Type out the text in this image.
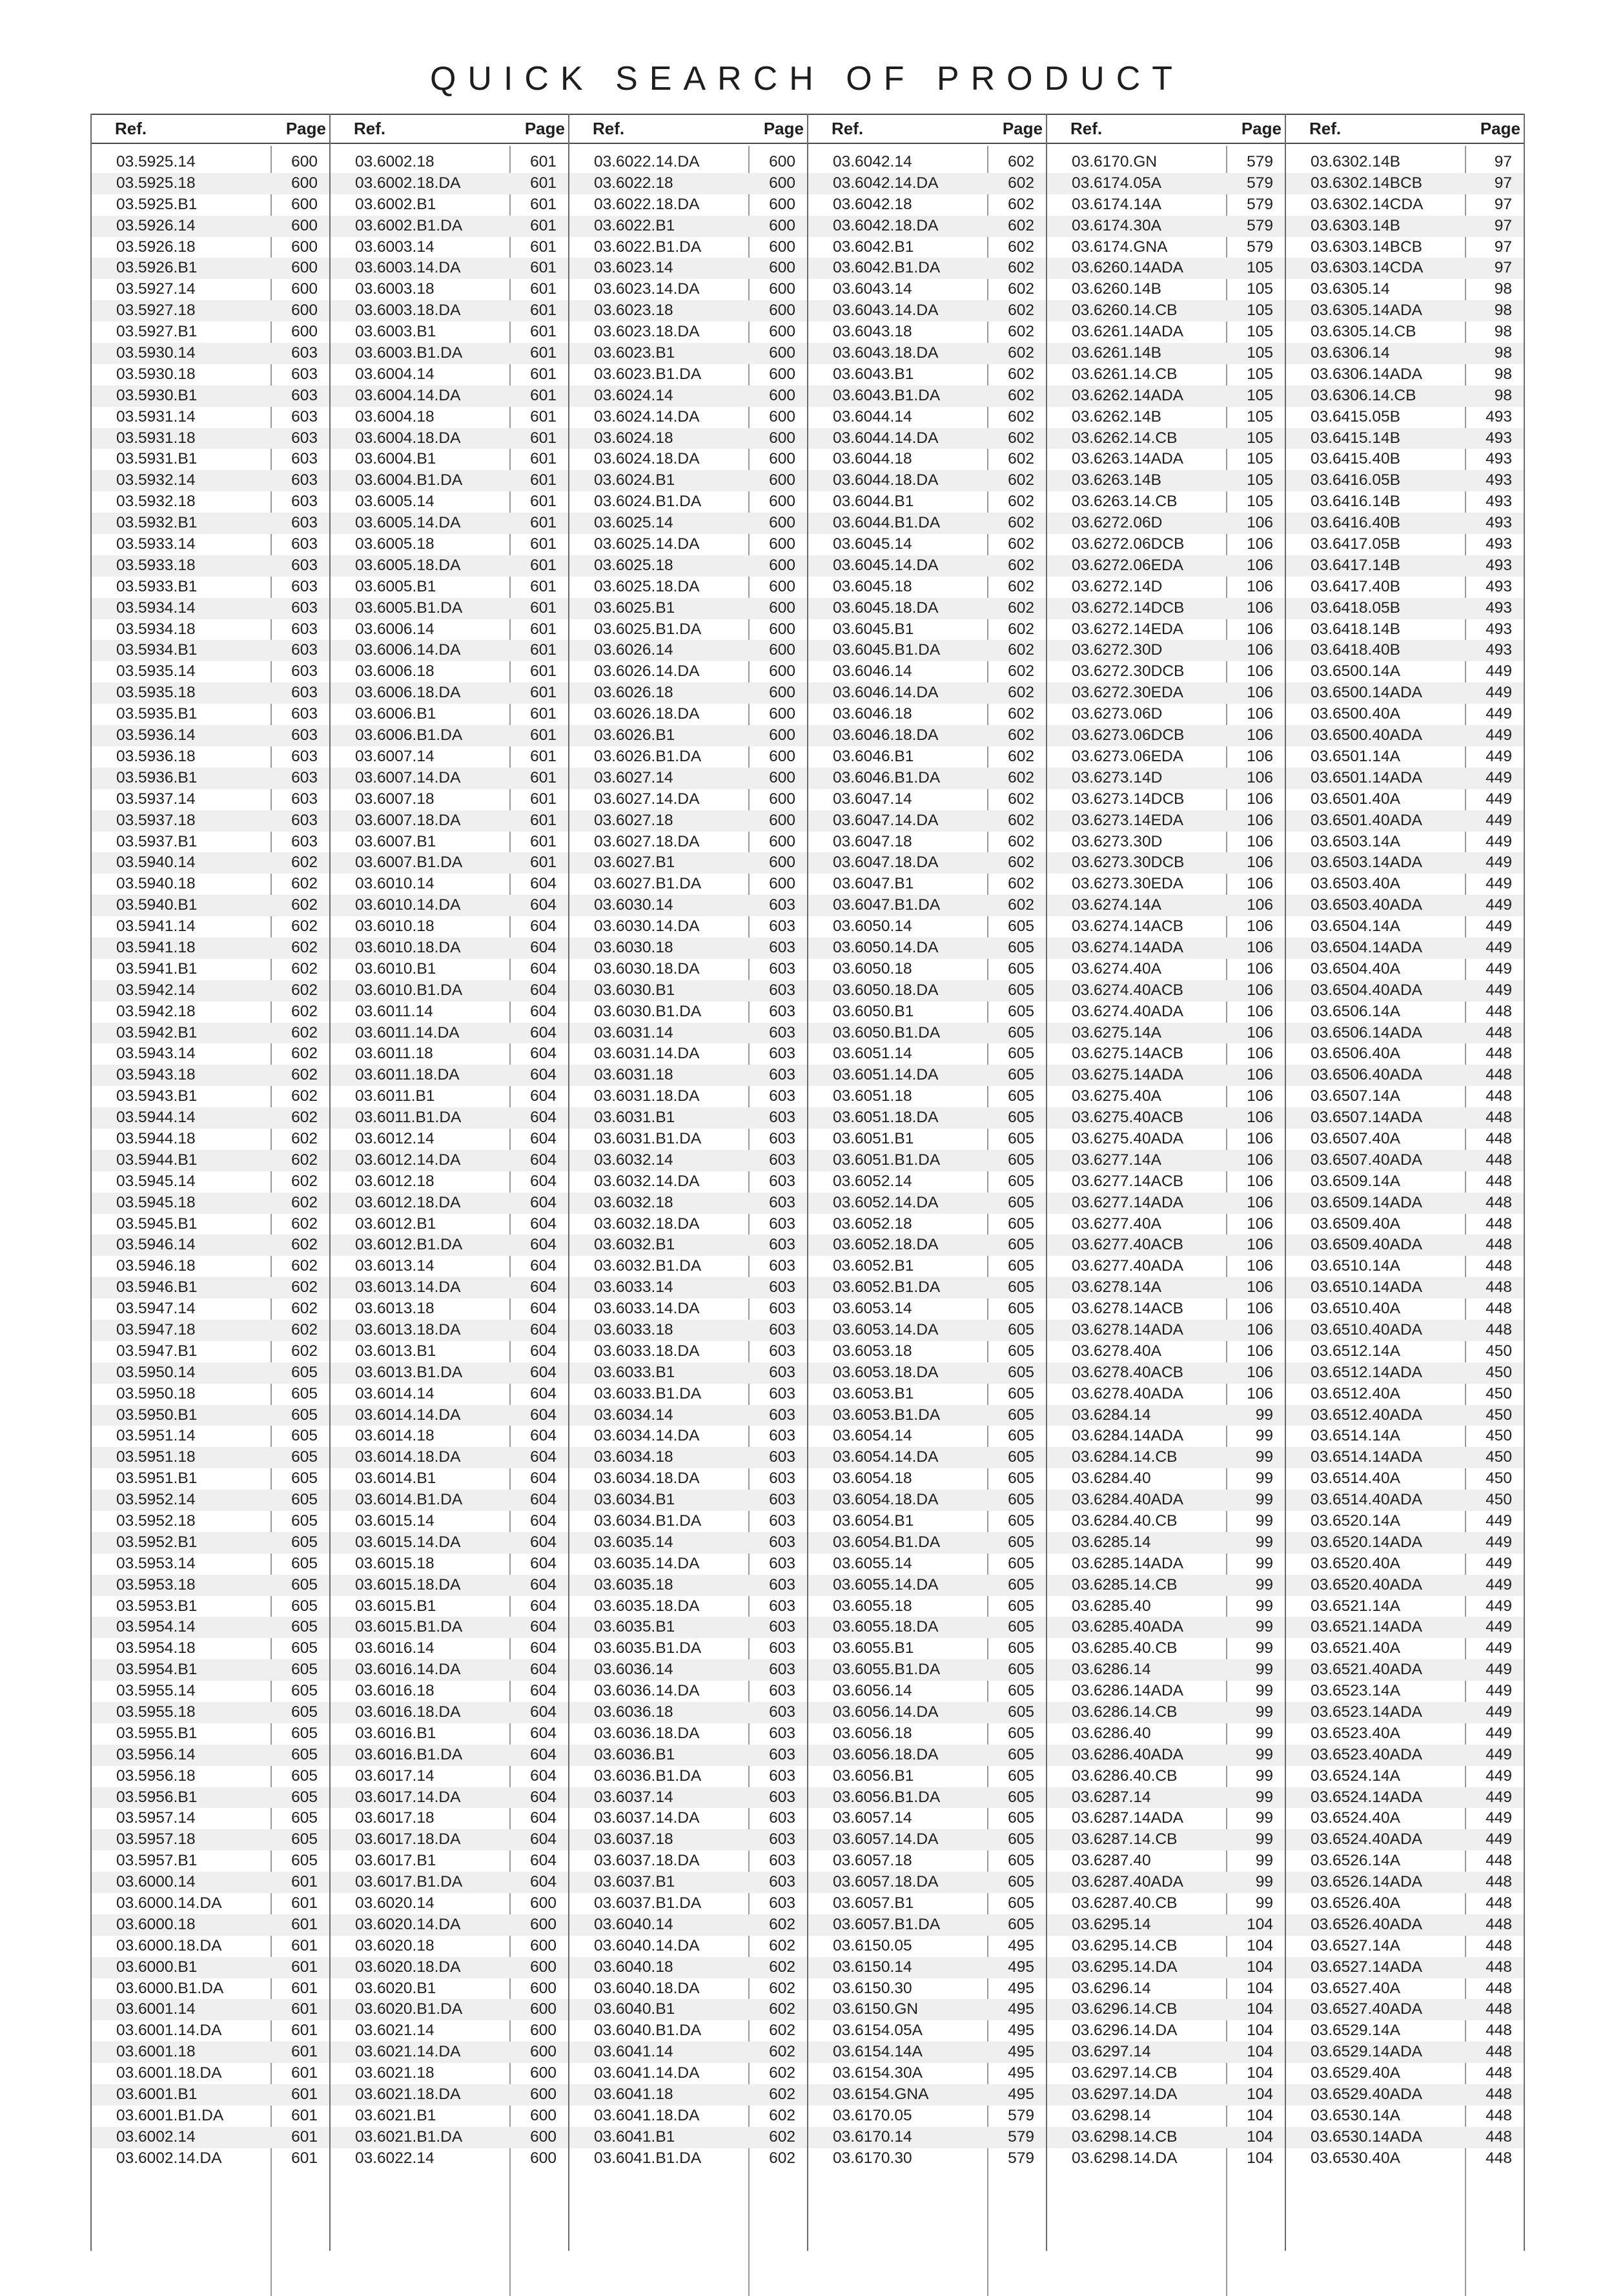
QUICK SEARCH OF PRODUCT
Ref.	Page
03.5925.14	600
03.5925.18	600
03.5925.B1	600
03.5926.14	600
03.5926.18	600
03.5926.B1	600
03.5927.14	600
03.5927.18	600
03.5927.B1	600
03.5930.14	603
03.5930.18	603
03.5930.B1	603
03.5931.14	603
03.5931.18	603
03.5931.B1	603
03.5932.14	603
03.5932.18	603
03.5932.B1	603
03.5933.14	603
03.5933.18	603
03.5933.B1	603
03.5934.14	603
03.5934.18	603
03.5934.B1	603
03.5935.14	603
03.5935.18	603
03.5935.B1	603
03.5936.14	603
03.5936.18	603
03.5936.B1	603
03.5937.14	603
03.5937.18	603
03.5937.B1	603
03.5940.14	602
03.5940.18	602
03.5940.B1	602
03.5941.14	602
03.5941.18	602
03.5941.B1	602
03.5942.14	602
03.5942.18	602
03.5942.B1	602
03.5943.14	602
03.5943.18	602
03.5943.B1	602
03.5944.14	602
03.5944.18	602
03.5944.B1	602
03.5945.14	602
03.5945.18	602
03.5945.B1	602
03.5946.14	602
03.5946.18	602
03.5946.B1	602
03.5947.14	602
03.5947.18	602
03.5947.B1	602
03.5950.14	605
03.5950.18	605
03.5950.B1	605
03.5951.14	605
03.5951.18	605
03.5951.B1	605
03.5952.14	605
03.5952.18	605
03.5952.B1	605
03.5953.14	605
03.5953.18	605
03.5953.B1	605
03.5954.14	605
03.5954.18	605
03.5954.B1	605
03.5955.14	605
03.5955.18	605
03.5955.B1	605
03.5956.14	605
03.5956.18	605
03.5956.B1	605
03.5957.14	605
03.5957.18	605
03.5957.B1	605
03.6000.14	601
03.6000.14.DA	601
03.6000.18	601
03.6000.18.DA	601
03.6000.B1	601
03.6000.B1.DA	601
03.6001.14	601
03.6001.14.DA	601
03.6001.18	601
03.6001.18.DA	601
03.6001.B1	601
03.6001.B1.DA	601
03.6002.14	601
03.6002.14.DA	601
Ref.	Page
03.6002.18	601
03.6002.18.DA	601
03.6002.B1	601
03.6002.B1.DA	601
03.6003.14	601
03.6003.14.DA	601
03.6003.18	601
03.6003.18.DA	601
03.6003.B1	601
03.6003.B1.DA	601
03.6004.14	601
03.6004.14.DA	601
03.6004.18	601
03.6004.18.DA	601
03.6004.B1	601
03.6004.B1.DA	601
03.6005.14	601
03.6005.14.DA	601
03.6005.18	601
03.6005.18.DA	601
03.6005.B1	601
03.6005.B1.DA	601
03.6006.14	601
03.6006.14.DA	601
03.6006.18	601
03.6006.18.DA	601
03.6006.B1	601
03.6006.B1.DA	601
03.6007.14	601
03.6007.14.DA	601
03.6007.18	601
03.6007.18.DA	601
03.6007.B1	601
03.6007.B1.DA	601
03.6010.14	604
03.6010.14.DA	604
03.6010.18	604
03.6010.18.DA	604
03.6010.B1	604
03.6010.B1.DA	604
03.6011.14	604
03.6011.14.DA	604
03.6011.18	604
03.6011.18.DA	604
03.6011.B1	604
03.6011.B1.DA	604
03.6012.14	604
03.6012.14.DA	604
03.6012.18	604
03.6012.18.DA	604
03.6012.B1	604
03.6012.B1.DA	604
03.6013.14	604
03.6013.14.DA	604
03.6013.18	604
03.6013.18.DA	604
03.6013.B1	604
03.6013.B1.DA	604
03.6014.14	604
03.6014.14.DA	604
03.6014.18	604
03.6014.18.DA	604
03.6014.B1	604
03.6014.B1.DA	604
03.6015.14	604
03.6015.14.DA	604
03.6015.18	604
03.6015.18.DA	604
03.6015.B1	604
03.6015.B1.DA	604
03.6016.14	604
03.6016.14.DA	604
03.6016.18	604
03.6016.18.DA	604
03.6016.B1	604
03.6016.B1.DA	604
03.6017.14	604
03.6017.14.DA	604
03.6017.18	604
03.6017.18.DA	604
03.6017.B1	604
03.6017.B1.DA	604
03.6020.14	600
03.6020.14.DA	600
03.6020.18	600
03.6020.18.DA	600
03.6020.B1	600
03.6020.B1.DA	600
03.6021.14	600
03.6021.14.DA	600
03.6021.18	600
03.6021.18.DA	600
03.6021.B1	600
03.6021.B1.DA	600
03.6022.14	600
Ref.	Page
03.6022.14.DA	600
03.6022.18	600
03.6022.18.DA	600
03.6022.B1	600
03.6022.B1.DA	600
03.6023.14	600
03.6023.14.DA	600
03.6023.18	600
03.6023.18.DA	600
03.6023.B1	600
03.6023.B1.DA	600
03.6024.14	600
03.6024.14.DA	600
03.6024.18	600
03.6024.18.DA	600
03.6024.B1	600
03.6024.B1.DA	600
03.6025.14	600
03.6025.14.DA	600
03.6025.18	600
03.6025.18.DA	600
03.6025.B1	600
03.6025.B1.DA	600
03.6026.14	600
03.6026.14.DA	600
03.6026.18	600
03.6026.18.DA	600
03.6026.B1	600
03.6026.B1.DA	600
03.6027.14	600
03.6027.14.DA	600
03.6027.18	600
03.6027.18.DA	600
03.6027.B1	600
03.6027.B1.DA	600
03.6030.14	603
03.6030.14.DA	603
03.6030.18	603
03.6030.18.DA	603
03.6030.B1	603
03.6030.B1.DA	603
03.6031.14	603
03.6031.14.DA	603
03.6031.18	603
03.6031.18.DA	603
03.6031.B1	603
03.6031.B1.DA	603
03.6032.14	603
03.6032.14.DA	603
03.6032.18	603
03.6032.18.DA	603
03.6032.B1	603
03.6032.B1.DA	603
03.6033.14	603
03.6033.14.DA	603
03.6033.18	603
03.6033.18.DA	603
03.6033.B1	603
03.6033.B1.DA	603
03.6034.14	603
03.6034.14.DA	603
03.6034.18	603
03.6034.18.DA	603
03.6034.B1	603
03.6034.B1.DA	603
03.6035.14	603
03.6035.14.DA	603
03.6035.18	603
03.6035.18.DA	603
03.6035.B1	603
03.6035.B1.DA	603
03.6036.14	603
03.6036.14.DA	603
03.6036.18	603
03.6036.18.DA	603
03.6036.B1	603
03.6036.B1.DA	603
03.6037.14	603
03.6037.14.DA	603
03.6037.18	603
03.6037.18.DA	603
03.6037.B1	603
03.6037.B1.DA	603
03.6040.14	602
03.6040.14.DA	602
03.6040.18	602
03.6040.18.DA	602
03.6040.B1	602
03.6040.B1.DA	602
03.6041.14	602
03.6041.14.DA	602
03.6041.18	602
03.6041.18.DA	602
03.6041.B1	602
03.6041.B1.DA	602
Ref.	Page
03.6042.14	602
03.6042.14.DA	602
03.6042.18	602
03.6042.18.DA	602
03.6042.B1	602
03.6042.B1.DA	602
03.6043.14	602
03.6043.14.DA	602
03.6043.18	602
03.6043.18.DA	602
03.6043.B1	602
03.6043.B1.DA	602
03.6044.14	602
03.6044.14.DA	602
03.6044.18	602
03.6044.18.DA	602
03.6044.B1	602
03.6044.B1.DA	602
03.6045.14	602
03.6045.14.DA	602
03.6045.18	602
03.6045.18.DA	602
03.6045.B1	602
03.6045.B1.DA	602
03.6046.14	602
03.6046.14.DA	602
03.6046.18	602
03.6046.18.DA	602
03.6046.B1	602
03.6046.B1.DA	602
03.6047.14	602
03.6047.14.DA	602
03.6047.18	602
03.6047.18.DA	602
03.6047.B1	602
03.6047.B1.DA	602
03.6050.14	605
03.6050.14.DA	605
03.6050.18	605
03.6050.18.DA	605
03.6050.B1	605
03.6050.B1.DA	605
03.6051.14	605
03.6051.14.DA	605
03.6051.18	605
03.6051.18.DA	605
03.6051.B1	605
03.6051.B1.DA	605
03.6052.14	605
03.6052.14.DA	605
03.6052.18	605
03.6052.18.DA	605
03.6052.B1	605
03.6052.B1.DA	605
03.6053.14	605
03.6053.14.DA	605
03.6053.18	605
03.6053.18.DA	605
03.6053.B1	605
03.6053.B1.DA	605
03.6054.14	605
03.6054.14.DA	605
03.6054.18	605
03.6054.18.DA	605
03.6054.B1	605
03.6054.B1.DA	605
03.6055.14	605
03.6055.14.DA	605
03.6055.18	605
03.6055.18.DA	605
03.6055.B1	605
03.6055.B1.DA	605
03.6056.14	605
03.6056.14.DA	605
03.6056.18	605
03.6056.18.DA	605
03.6056.B1	605
03.6056.B1.DA	605
03.6057.14	605
03.6057.14.DA	605
03.6057.18	605
03.6057.18.DA	605
03.6057.B1	605
03.6057.B1.DA	605
03.6150.05	495
03.6150.14	495
03.6150.30	495
03.6150.GN	495
03.6154.05A	495
03.6154.14A	495
03.6154.30A	495
03.6154.GNA	495
03.6170.05	579
03.6170.14	579
03.6170.30	579
Ref.	Page
03.6170.GN	579
03.6174.05A	579
03.6174.14A	579
03.6174.30A	579
03.6174.GNA	579
03.6260.14ADA	105
03.6260.14B	105
03.6260.14.CB	105
03.6261.14ADA	105
03.6261.14B	105
03.6261.14.CB	105
03.6262.14ADA	105
03.6262.14B	105
03.6262.14.CB	105
03.6263.14ADA	105
03.6263.14B	105
03.6263.14.CB	105
03.6272.06D	106
03.6272.06DCB	106
03.6272.06EDA	106
03.6272.14D	106
03.6272.14DCB	106
03.6272.14EDA	106
03.6272.30D	106
03.6272.30DCB	106
03.6272.30EDA	106
03.6273.06D	106
03.6273.06DCB	106
03.6273.06EDA	106
03.6273.14D	106
03.6273.14DCB	106
03.6273.14EDA	106
03.6273.30D	106
03.6273.30DCB	106
03.6273.30EDA	106
03.6274.14A	106
03.6274.14ACB	106
03.6274.14ADA	106
03.6274.40A	106
03.6274.40ACB	106
03.6274.40ADA	106
03.6275.14A	106
03.6275.14ACB	106
03.6275.14ADA	106
03.6275.40A	106
03.6275.40ACB	106
03.6275.40ADA	106
03.6277.14A	106
03.6277.14ACB	106
03.6277.14ADA	106
03.6277.40A	106
03.6277.40ACB	106
03.6277.40ADA	106
03.6278.14A	106
03.6278.14ACB	106
03.6278.14ADA	106
03.6278.40A	106
03.6278.40ACB	106
03.6278.40ADA	106
03.6284.14	99
03.6284.14ADA	99
03.6284.14.CB	99
03.6284.40	99
03.6284.40ADA	99
03.6284.40.CB	99
03.6285.14	99
03.6285.14ADA	99
03.6285.14.CB	99
03.6285.40	99
03.6285.40ADA	99
03.6285.40.CB	99
03.6286.14	99
03.6286.14ADA	99
03.6286.14.CB	99
03.6286.40	99
03.6286.40ADA	99
03.6286.40.CB	99
03.6287.14	99
03.6287.14ADA	99
03.6287.14.CB	99
03.6287.40	99
03.6287.40ADA	99
03.6287.40.CB	99
03.6295.14	104
03.6295.14.CB	104
03.6295.14.DA	104
03.6296.14	104
03.6296.14.CB	104
03.6296.14.DA	104
03.6297.14	104
03.6297.14.CB	104
03.6297.14.DA	104
03.6298.14	104
03.6298.14.CB	104
03.6298.14.DA	104
Ref.	Page
03.6302.14B	97
03.6302.14BCB	97
03.6302.14CDA	97
03.6303.14B	97
03.6303.14BCB	97
03.6303.14CDA	97
03.6305.14	98
03.6305.14ADA	98
03.6305.14.CB	98
03.6306.14	98
03.6306.14ADA	98
03.6306.14.CB	98
03.6415.05B	493
03.6415.14B	493
03.6415.40B	493
03.6416.05B	493
03.6416.14B	493
03.6416.40B	493
03.6417.05B	493
03.6417.14B	493
03.6417.40B	493
03.6418.05B	493
03.6418.14B	493
03.6418.40B	493
03.6500.14A	449
03.6500.14ADA	449
03.6500.40A	449
03.6500.40ADA	449
03.6501.14A	449
03.6501.14ADA	449
03.6501.40A	449
03.6501.40ADA	449
03.6503.14A	449
03.6503.14ADA	449
03.6503.40A	449
03.6503.40ADA	449
03.6504.14A	449
03.6504.14ADA	449
03.6504.40A	449
03.6504.40ADA	449
03.6506.14A	448
03.6506.14ADA	448
03.6506.40A	448
03.6506.40ADA	448
03.6507.14A	448
03.6507.14ADA	448
03.6507.40A	448
03.6507.40ADA	448
03.6509.14A	448
03.6509.14ADA	448
03.6509.40A	448
03.6509.40ADA	448
03.6510.14A	448
03.6510.14ADA	448
03.6510.40A	448
03.6510.40ADA	448
03.6512.14A	450
03.6512.14ADA	450
03.6512.40A	450
03.6512.40ADA	450
03.6514.14A	450
03.6514.14ADA	450
03.6514.40A	450
03.6514.40ADA	450
03.6520.14A	449
03.6520.14ADA	449
03.6520.40A	449
03.6520.40ADA	449
03.6521.14A	449
03.6521.14ADA	449
03.6521.40A	449
03.6521.40ADA	449
03.6523.14A	449
03.6523.14ADA	449
03.6523.40A	449
03.6523.40ADA	449
03.6524.14A	449
03.6524.14ADA	449
03.6524.40A	449
03.6524.40ADA	449
03.6526.14A	448
03.6526.14ADA	448
03.6526.40A	448
03.6526.40ADA	448
03.6527.14A	448
03.6527.14ADA	448
03.6527.40A	448
03.6527.40ADA	448
03.6529.14A	448
03.6529.14ADA	448
03.6529.40A	448
03.6529.40ADA	448
03.6530.14A	448
03.6530.14ADA	448
03.6530.40A	448
